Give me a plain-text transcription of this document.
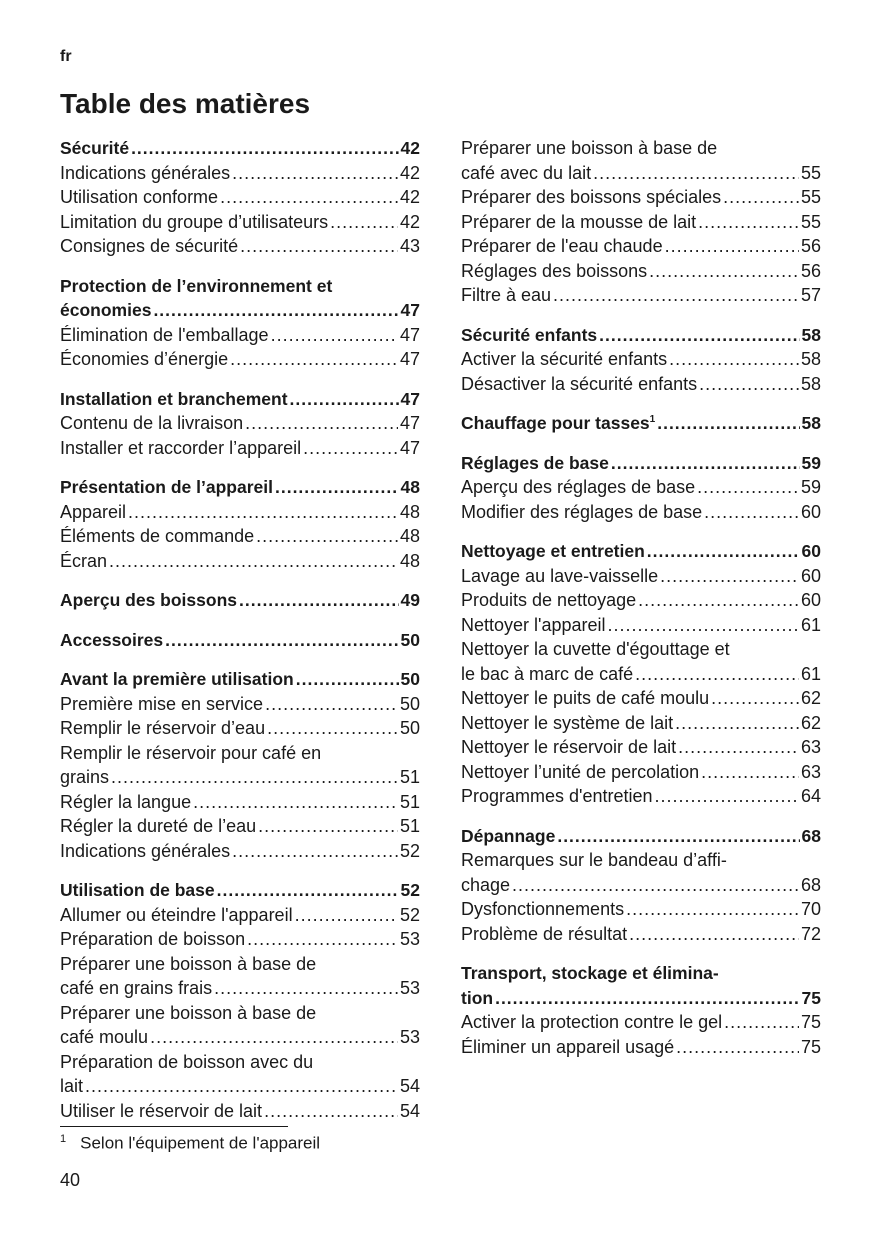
fr
Table des matières
Sécurité .....	42
Indications générales .....	42
Utilisation conforme .....	42
Limitation du groupe d’utilisateurs .....	42
Consignes de sécurité .....	43
Protection de l’environnement et
économies .....	47
Élimination de l'emballage .....	47
Économies d’énergie .....	47
Installation et branchement .....	47
Contenu de la livraison .....	47
Installer et raccorder l’appareil .....	47
Présentation de l’appareil .....	48
Appareil .....	48
Éléments de commande .....	48
Écran .....	48
Aperçu des boissons .....	49
Accessoires .....	50
Avant la première utilisation .....	50
Première mise en service .....	50
Remplir le réservoir d’eau .....	50
Remplir le réservoir pour café en
grains .....	51
Régler la langue .....	51
Régler la dureté de l’eau .....	51
Indications générales .....	52
Utilisation de base .....	52
Allumer ou éteindre l'appareil .....	52
Préparation de boisson .....	53
Préparer une boisson à base de
café en grains frais .....	53
Préparer une boisson à base de
café moulu .....	53
Préparation de boisson avec du
lait .....	54
Utiliser le réservoir de lait .....	54
Préparer une boisson à base de
café avec du lait .....	55
Préparer des boissons spéciales .....	55
Préparer de la mousse de lait .....	55
Préparer de l'eau chaude .....	56
Réglages des boissons .....	56
Filtre à eau .....	57
Sécurité enfants .....	58
Activer la sécurité enfants .....	58
Désactiver la sécurité enfants .....	58
Chauffage pour tasses$^1$ .....	58
Réglages de base .....	59
Aperçu des réglages de base .....	59
Modifier des réglages de base .....	60
Nettoyage et entretien .....	60
Lavage au lave-vaisselle .....	60
Produits de nettoyage .....	60
Nettoyer l'appareil .....	61
Nettoyer la cuvette d'égouttage et
le bac à marc de café .....	61
Nettoyer le puits de café moulu .....	62
Nettoyer le système de lait .....	62
Nettoyer le réservoir de lait .....	63
Nettoyer l’unité de percolation .....	63
Programmes d'entretien .....	64
Dépannage .....	68
Remarques sur le bandeau d’affi-
chage .....	68
Dysfonctionnements .....	70
Problème de résultat .....	72
Transport, stockage et élimina-
tion .....	75
Activer la protection contre le gel .....	75
Éliminer un appareil usagé .....	75
$^1$ Selon l'équipement de l'appareil
40
